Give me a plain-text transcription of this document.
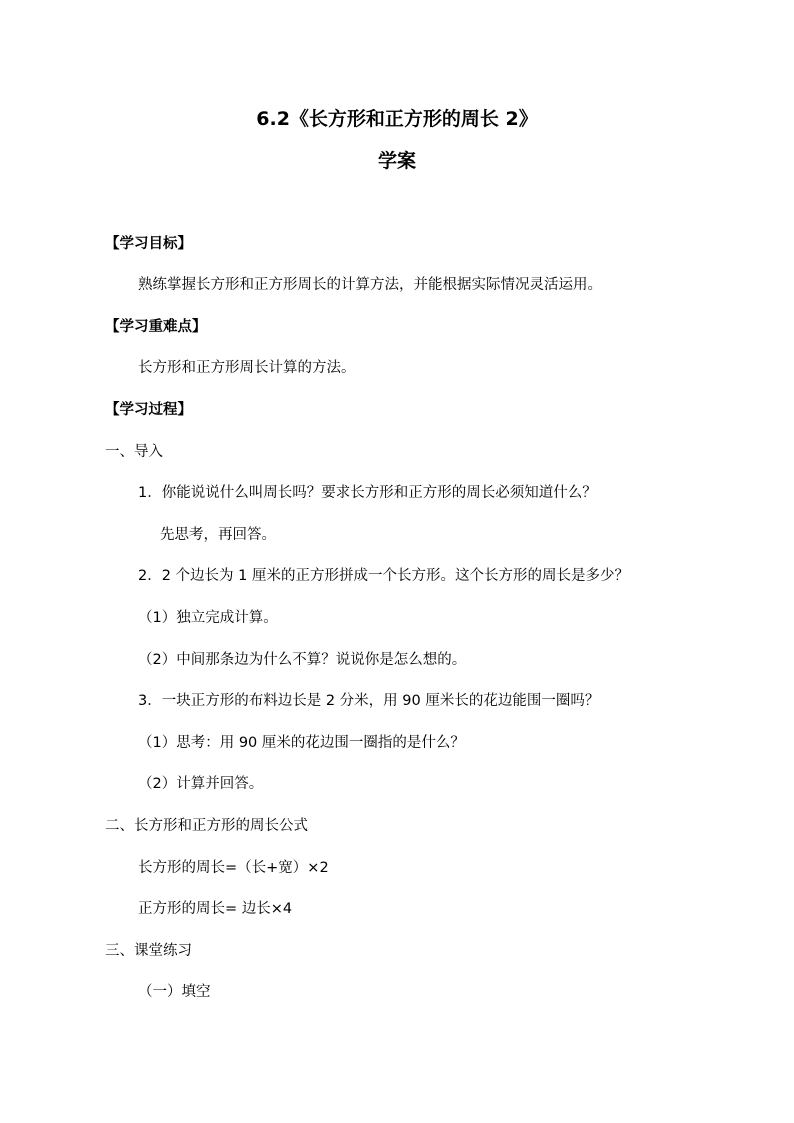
6.2《长方形和正方形的周长 2》
学案
【学习目标】
熟练掌握长方形和正方形周长的计算方法，并能根据实际情况灵活运用。
【学习重难点】
长方形和正方形周长计算的方法。
【学习过程】
一、导入
1．你能说说什么叫周长吗？要求长方形和正方形的周长必须知道什么？
先思考，再回答。
2．2 个边长为 1 厘米的正方形拼成一个长方形。这个长方形的周长是多少？
（1）独立完成计算。
（2）中间那条边为什么不算？说说你是怎么想的。
3．一块正方形的布料边长是 2 分米，用 90 厘米长的花边能围一圈吗？
（1）思考：用 90 厘米的花边围一圈指的是什么？
（2）计算并回答。
二、长方形和正方形的周长公式
长方形的周长=（长+宽）×2
正方形的周长= 边长×4
三、课堂练习
（一）填空
